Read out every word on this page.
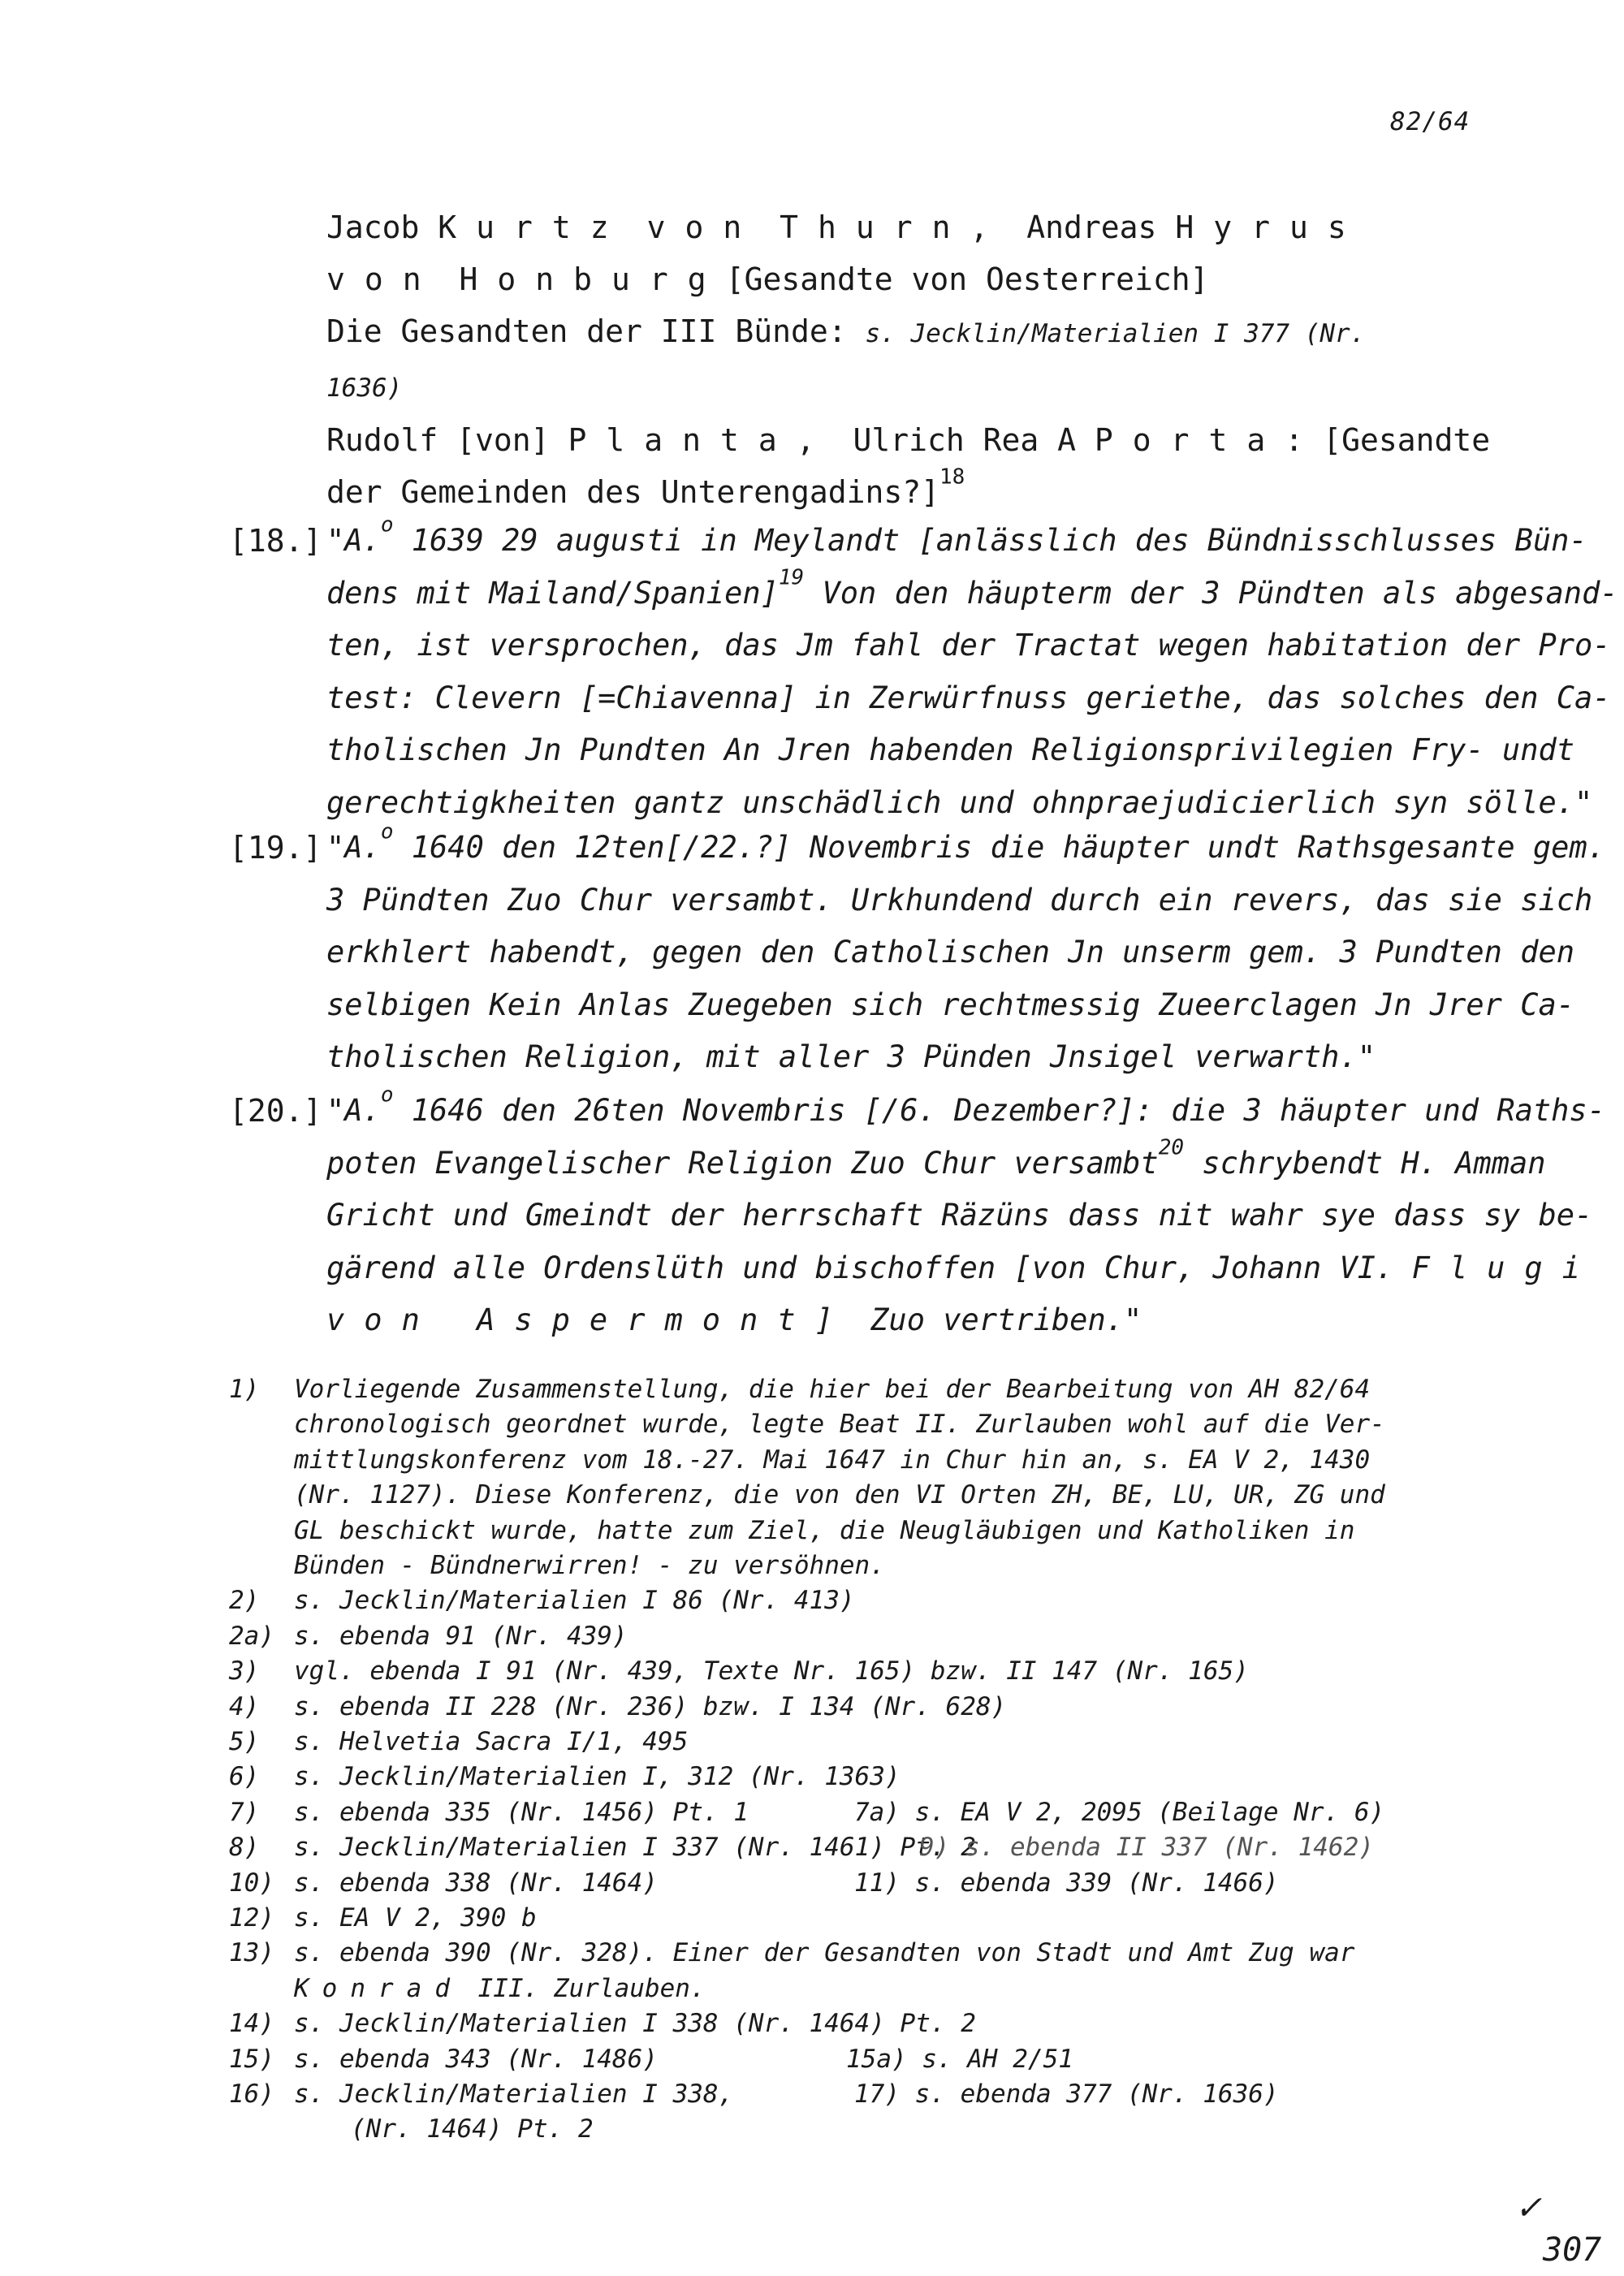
82/64
Jacob Kurtz von Thurn, Andreas Hyrus
von Honburg[Gesandte von Oesterreich]
Die Gesandten der III Bünde: s. Jecklin/Materialien I 377 (Nr.
1636)
Rudolf [von] Planta, Ulrich Rea A Porta:[Gesandte
der Gemeinden des Unterengadins?]$^{18}$
[18.] "A.$^o$ 1639 29 augusti in Meylandt [anlässlich des Bündnisschlusses Bün-
dens mit Mailand/Spanien]$^{19}$ Von den häupterm der 3 Pündten als abgesand-
ten, ist versprochen, das Jm fahl der Tractat wegen habitation der Pro-
test: Clevern [=Chiavenna] in Zerwürfnuss geriethe, das solches den Ca-
tholischen Jn Pundten An Jren habenden Religionsprivilegien Fry- undt
gerechtigkheiten gantz unschädlich und ohnpraejudicierlich syn sölle."
[19.] "A.$^o$ 1640 den 12ten[/22.?] Novembris die häupter undt Rathsgesante gem.
3 Pündten Zuo Chur versambt. Urkhundend durch ein revers, das sie sich
erkhlert habendt, gegen den Catholischen Jn unserm gem. 3 Pundten den
selbigen Kein Anlas Zuegeben sich rechtmessig Zueerclagen Jn Jrer Ca-
tholischen Religion, mit aller 3 Pünden Jnsigel verwarth."
[20.] "A.$^o$ 1646 den 26ten Novembris [/6. Dezember?]: die 3 häupter und Raths-
poten Evangelischer Religion Zuo Chur versambt$^{20}$ schrybendt H. Amman
Gricht und Gmeindt der herrschaft Räzüns dass nit wahr sye dass sy be-
gärend alle Ordenslüth und bischoffen [von Chur, Johann VI. Flugi
von Aspermont] Zuo vertriben."
1) Vorliegende Zusammenstellung, die hier bei der Bearbeitung von AH 82/64
chronologisch geordnet wurde, legte Beat II. Zurlauben wohl auf die Ver-
mittlungskonferenz vom 18.-27. Mai 1647 in Chur hin an, s. EA V 2, 1430
(Nr. 1127). Diese Konferenz, die von den VI Orten ZH, BE, LU, UR, ZG und
GL beschickt wurde, hatte zum Ziel, die Neugläubigen und Katholiken in
Bünden - Bündnerwirren! - zu versöhnen.
2) s. Jecklin/Materialien I 86 (Nr. 413)
2a) s. ebenda 91 (Nr. 439)
3) vgl. ebenda I 91 (Nr. 439, Texte Nr. 165) bzw. II 147 (Nr. 165)
4) s. ebenda II 228 (Nr. 236) bzw. I 134 (Nr. 628)
5) s. Helvetia Sacra I/1, 495
6) s. Jecklin/Materialien I, 312 (Nr. 1363)
7) s. ebenda 335 (Nr. 1456) Pt. 1	7a) s. EA V 2, 2095 (Beilage Nr. 6)
8) s. Jecklin/Materialien I 337 (Nr. 1461) Pt. 2
9) s. ebenda II 337 (Nr. 1462)
10) s. ebenda 338 (Nr. 1464)	11) s. ebenda 339 (Nr. 1466)
12) s. EA V 2, 390 b
13) s. ebenda 390 (Nr. 328). Einer der Gesandten von Stadt und Amt Zug war
Konrad III. Zurlauben.
14) s. Jecklin/Materialien I 338 (Nr. 1464) Pt. 2
15) s. ebenda 343 (Nr. 1486)	15a) s. AH 2/51
16) s. Jecklin/Materialien I 338,	17) s. ebenda 377 (Nr. 1636)
(Nr. 1464) Pt. 2
✓
307
